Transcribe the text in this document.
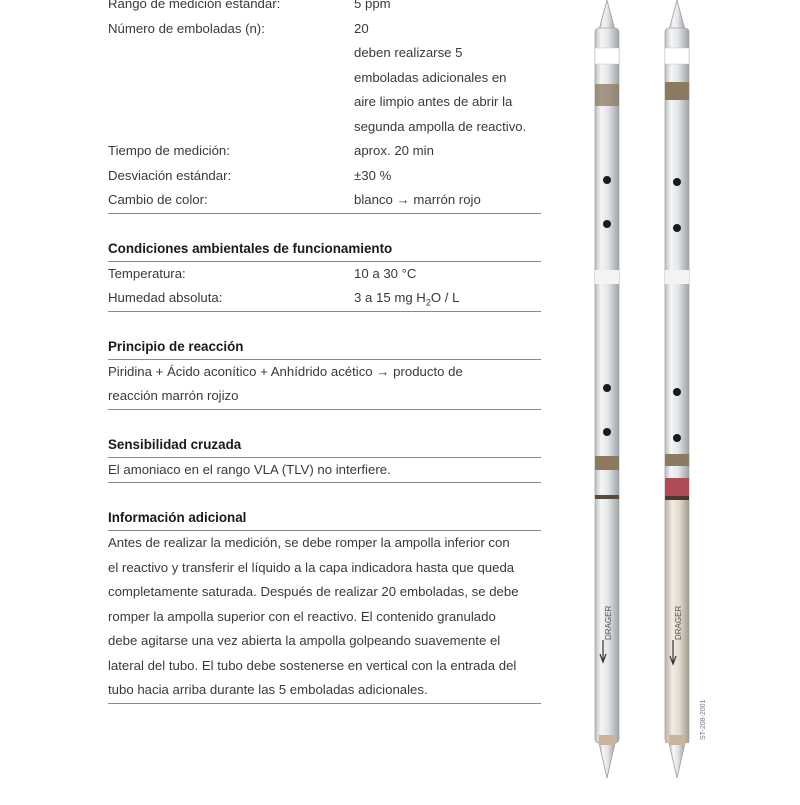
Rango de medición estándar:	5 ppm
Número de emboladas (n):	20
deben realizarse 5
emboladas adicionales en
aire limpio antes de abrir la
segunda ampolla de reactivo.
Tiempo de medición:	aprox. 20 min
Desviación estándar:	±30 %
Cambio de color:	blanco → marrón rojo
Condiciones ambientales de funcionamiento
Temperatura:	10 a 30 °C
Humedad absoluta:	3 a 15 mg $H_2O$ / L
Principio de reacción
Piridina + Ácido aconítico + Anhídrido acético → producto de
reacción marrón rojizo
Sensibilidad cruzada
El amoniaco en el rango VLA (TLV) no interfiere.
Información adicional
Antes de realizar la medición, se debe romper la ampolla inferior con
el reactivo y transferir el líquido a la capa indicadora hasta que queda
completamente saturada. Después de realizar 20 emboladas, se debe
romper la ampolla superior con el reactivo. El contenido granulado
debe agitarse una vez abierta la ampolla golpeando suavemente el
lateral del tubo. El tubo debe sostenerse en vertical con la entrada del
tubo hacia arriba durante las 5 emboladas adicionales.
DRAGER	DRAGER
ST-208-2001
